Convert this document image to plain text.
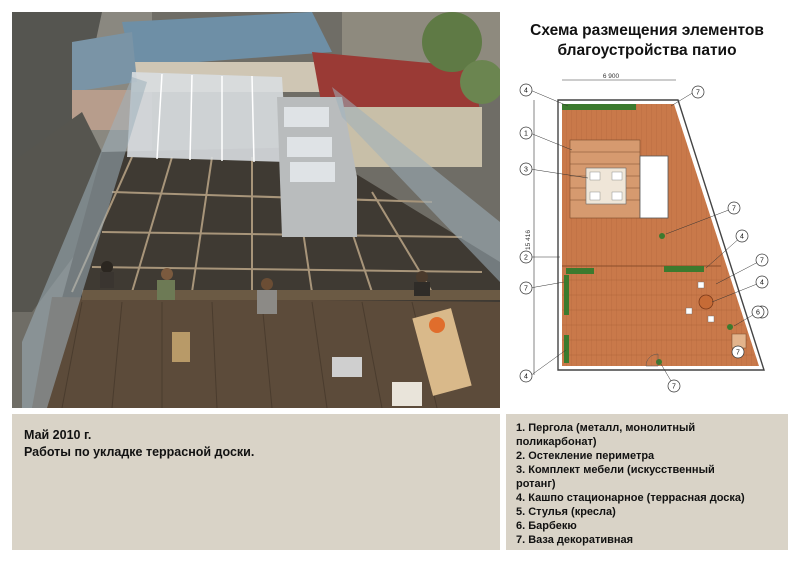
Схема размещения элементов
благоустройства патио
6 900
15 416
4
1
3
2
7
4
7
7
4
6
7
7
4
7
Май 2010 г.
Работы по укладке террасной доски.
1. Пергола (металл, монолитный
поликарбонат)
2. Остекление периметра
3. Комплект мебели (искусственный
ротанг)
4. Кашпо стационарное (террасная доска)
5. Стулья (кресла)
6. Барбекю
7. Ваза декоративная
